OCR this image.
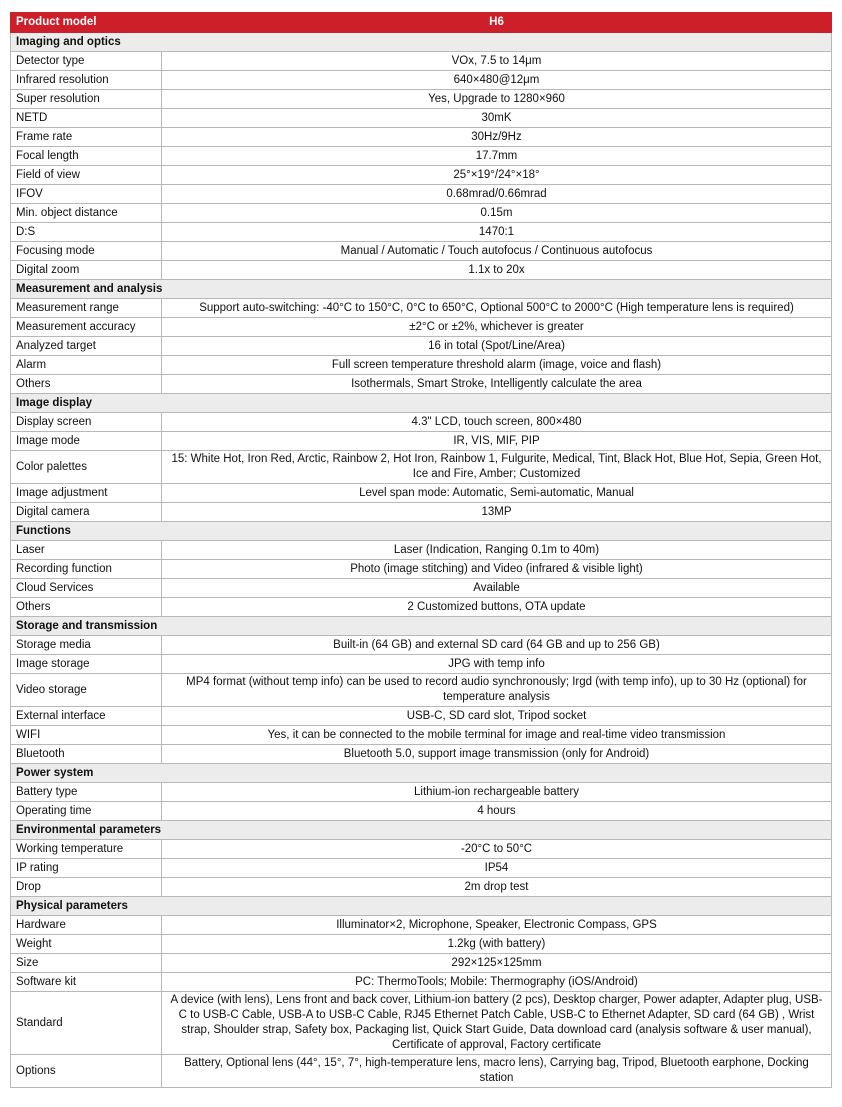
Product model	H6
Imaging and optics	
Detector type	VOx, 7.5 to 14μm
Infrared resolution	640×480@12μm
Super resolution	Yes, Upgrade to 1280×960
NETD	30mK
Frame rate	30Hz/9Hz
Focal length	17.7mm
Field of view	25°×19°/24°×18°
IFOV	0.68mrad/0.66mrad
Min. object distance	0.15m
D:S	1470:1
Focusing mode	Manual / Automatic / Touch autofocus / Continuous autofocus
Digital zoom	1.1x to 20x
Measurement and analysis	
Measurement range	Support auto-switching: -40°C to 150°C, 0°C to 650°C, Optional 500°C to 2000°C (High temperature lens is required)
Measurement accuracy	±2°C or ±2%, whichever is greater
Analyzed target	16 in total (Spot/Line/Area)
Alarm	Full screen temperature threshold alarm (image, voice and flash)
Others	Isothermals, Smart Stroke, Intelligently calculate the area
Image display	
Display screen	4.3" LCD, touch screen, 800×480
Image mode	IR, VIS, MIF, PIP
Color palettes	15: White Hot, Iron Red, Arctic, Rainbow 2, Hot Iron, Rainbow 1, Fulgurite, Medical, Tint, Black Hot, Blue Hot, Sepia, Green Hot, Ice and Fire, Amber; Customized
Image adjustment	Level span mode: Automatic, Semi-automatic, Manual
Digital camera	13MP
Functions	
Laser	Laser (Indication, Ranging 0.1m to 40m)
Recording function	Photo (image stitching) and Video (infrared & visible light)
Cloud Services	Available
Others	2 Customized buttons, OTA update
Storage and transmission	
Storage media	Built-in (64 GB) and external SD card (64 GB and up to 256 GB)
Image storage	JPG with temp info
Video storage	MP4 format (without temp info) can be used to record audio synchronously; Irgd (with temp info), up to 30 Hz (optional) for temperature analysis
External interface	USB-C, SD card slot, Tripod socket
WIFI	Yes, it can be connected to the mobile terminal for image and real-time video transmission
Bluetooth	Bluetooth 5.0, support image transmission (only for Android)
Power system	
Battery type	Lithium-ion rechargeable battery
Operating time	4 hours
Environmental parameters	
Working temperature	-20°C to 50°C
IP rating	IP54
Drop	2m drop test
Physical parameters	
Hardware	Illuminator×2, Microphone, Speaker, Electronic Compass, GPS
Weight	1.2kg (with battery)
Size	292×125×125mm
Software kit	PC: ThermoTools; Mobile: Thermography (iOS/Android)
Standard	A device (with lens), Lens front and back cover, Lithium-ion battery (2 pcs), Desktop charger, Power adapter, Adapter plug, USB-C to USB-C Cable, USB-A to USB-C Cable, RJ45 Ethernet Patch Cable, USB-C to Ethernet Adapter, SD card (64 GB) , Wrist strap, Shoulder strap, Safety box, Packaging list, Quick Start Guide, Data download card (analysis software & user manual), Certificate of approval, Factory certificate
Options	Battery, Optional lens (44°, 15°, 7°, high-temperature lens, macro lens), Carrying bag, Tripod, Bluetooth earphone, Docking station
